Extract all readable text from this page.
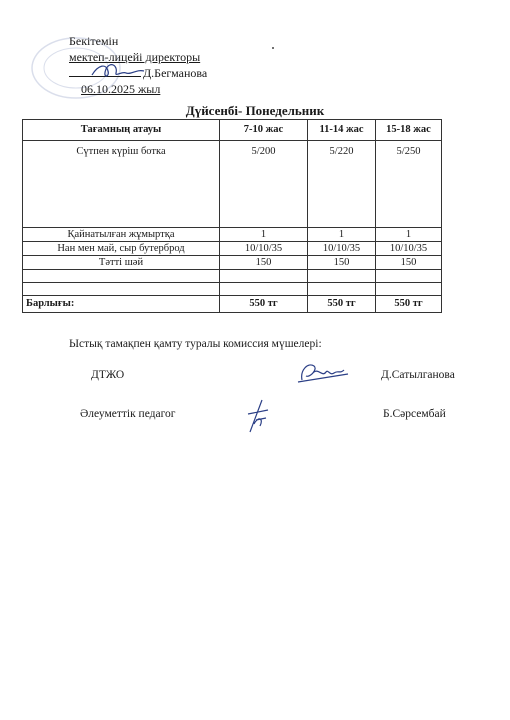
Бекітемін
мектеп-лицейі директоры
Д.Бегманова
06.10.2025 жыл
Дүйсенбі- Понедельник
Тағамның атауы	7-10 жас	11-14 жас	15-18 жас
Сүтпен күріш ботка	5/200	5/220	5/250
Қайнатылған жұмыртқа	1	1	1
Нан мен май, сыр бутерброд	10/10/35	10/10/35	10/10/35
Тәтті шәй	150	150	150

Барлығы:	550 тг	550 тг	550 тг
Ыстық тамақпен қамту туралы комиссия мүшелері:
ДТЖО	Д.Сатылганова
Әлеуметтік педагог	Б.Сәрсембай
